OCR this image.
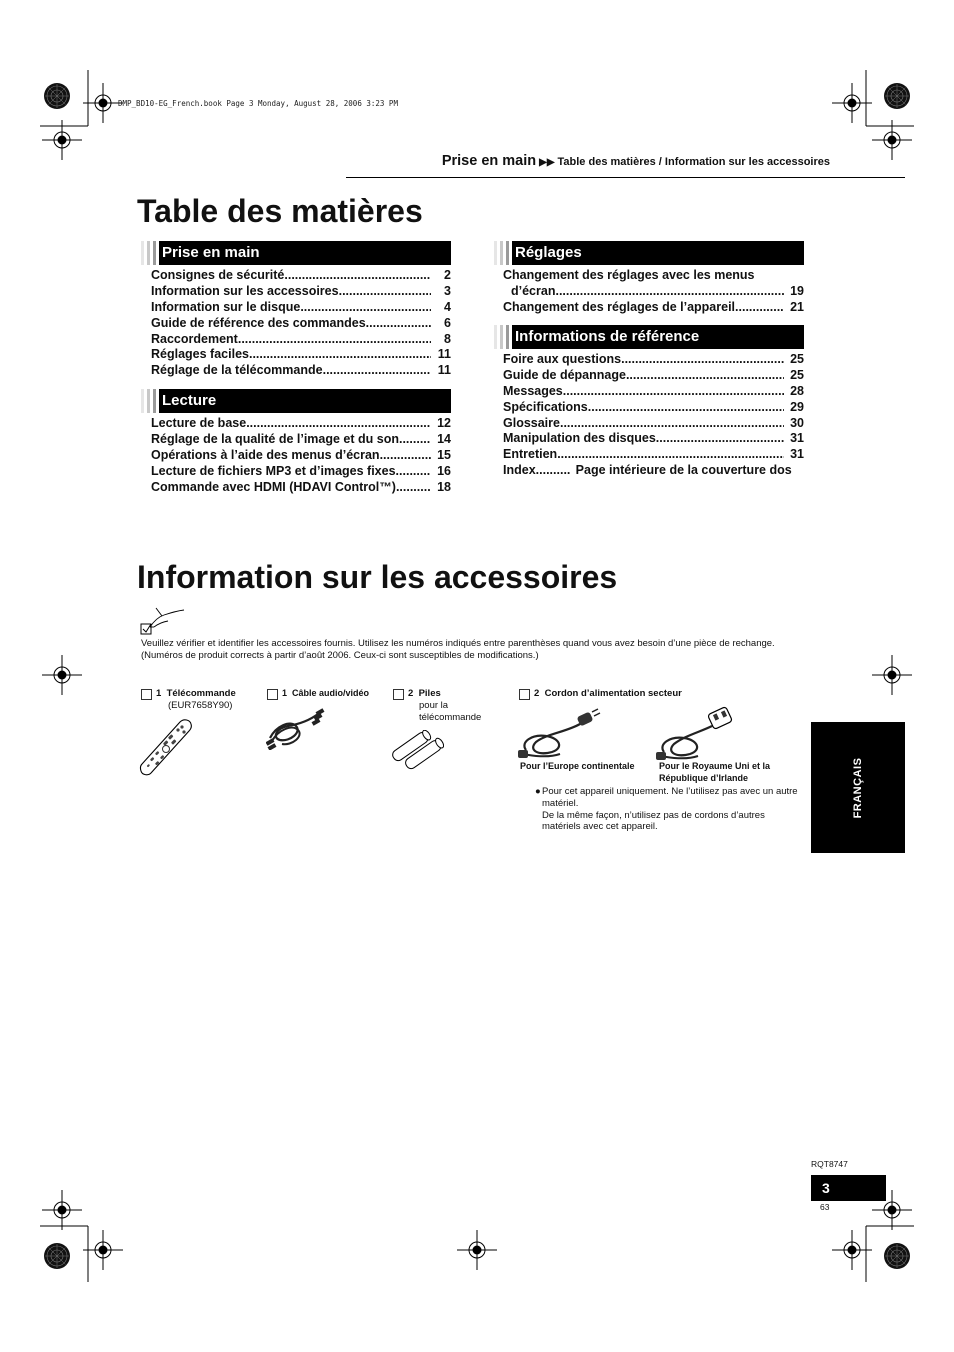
DMP_BD10-EG_French.book Page 3 Monday, August 28, 2006 3:23 PM
Prise en main ▶▶ Table des matières / Information sur les accessoires
Table des matières
Prise en main
Consignes de sécurité .....	2
Information sur les accessoires .....	3
Information sur le disque .....	4
Guide de référence des commandes .....	6
Raccordement .....	8
Réglages faciles .....	11
Réglage de la télécommande .....	11
Lecture
Lecture de base .....	12
Réglage de la qualité de l’image et du son .....	14
Opérations à l’aide des menus d’écran .....	15
Lecture de fichiers MP3 et d’images fixes .....	16
Commande avec HDMI (HDAVI Control™) .....	18
Réglages
Changement des réglages avec les menus
d’écran .....	19
Changement des réglages de l’appareil .....	21
Informations de référence
Foire aux questions .....	25
Guide de dépannage .....	25
Messages .....	28
Spécifications .....	29
Glossaire .....	30
Manipulation des disques .....	31
Entretien .....	31
Index .....	Page intérieure de la couverture dos
Information sur les accessoires
Veuillez vérifier et identifier les accessoires fournis. Utilisez les numéros indiqués entre parenthèses quand vous avez besoin d’une pièce de rechange.
(Numéros de produit corrects à partir d’août 2006. Ceux-ci sont susceptibles de modifications.)
1 Télécommande
(EUR7658Y90)
1 Câble audio/vidéo	2 Piles
pour la télécommande
2 Cordon d’alimentation secteur
Pour l’Europe continentale	Pour le Royaume Uni et la République d’Irlande
● Pour cet appareil uniquement. Ne l’utilisez pas avec un autre matériel.
De la même façon, n’utilisez pas de cordons d’autres matériels avec cet appareil.
FRANÇAIS
RQT8747
3
63
